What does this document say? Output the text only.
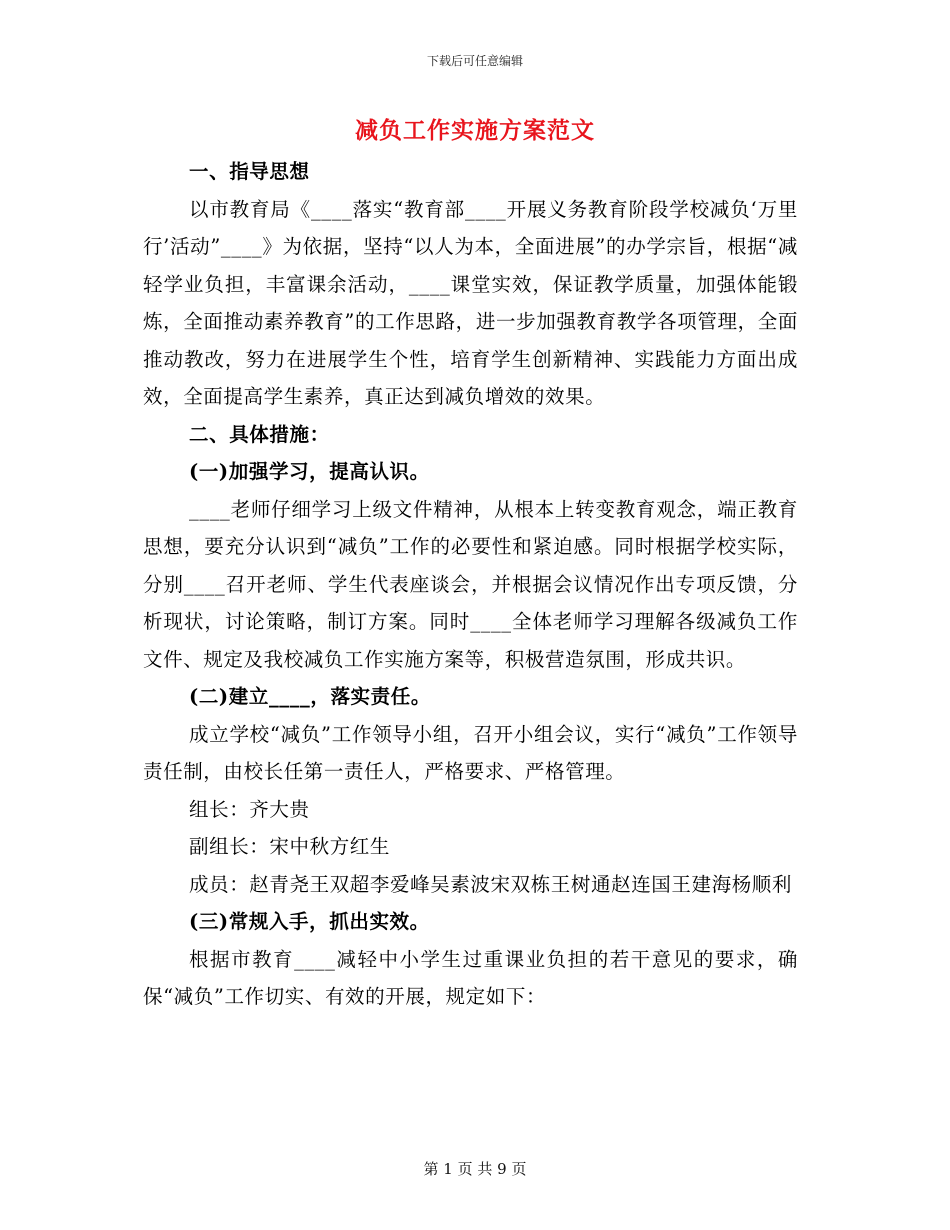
下载后可任意编辑
减负工作实施方案范文

一、指导思想

以市教育局《____落实“教育部____开展义务教育阶段学校减负‘万里行’活动”____》为依据，坚持“以人为本，全面进展”的办学宗旨，根据“减轻学业负担，丰富课余活动，____课堂实效，保证教学质量，加强体能锻炼，全面推动素养教育”的工作思路，进一步加强教育教学各项管理，全面推动教改，努力在进展学生个性，培育学生创新精神、实践能力方面出成效，全面提高学生素养，真正达到减负增效的效果。

二、具体措施：

(一)加强学习，提高认识。

____老师仔细学习上级文件精神，从根本上转变教育观念，端正教育思想，要充分认识到“减负”工作的必要性和紧迫感。同时根据学校实际，分别____召开老师、学生代表座谈会，并根据会议情况作出专项反馈，分析现状，讨论策略，制订方案。同时____全体老师学习理解各级减负工作文件、规定及我校减负工作实施方案等，积极营造氛围，形成共识。

(二)建立____，落实责任。

成立学校“减负”工作领导小组，召开小组会议，实行“减负”工作领导责任制，由校长任第一责任人，严格要求、严格管理。

组长：齐大贵

副组长：宋中秋方红生

成员：赵青尧王双超李爱峰吴素波宋双栋王树通赵连国王建海杨顺利

(三)常规入手，抓出实效。

根据市教育____减轻中小学生过重课业负担的若干意见的要求，确保“减负”工作切实、有效的开展，规定如下：

第 1 页 共 9 页
